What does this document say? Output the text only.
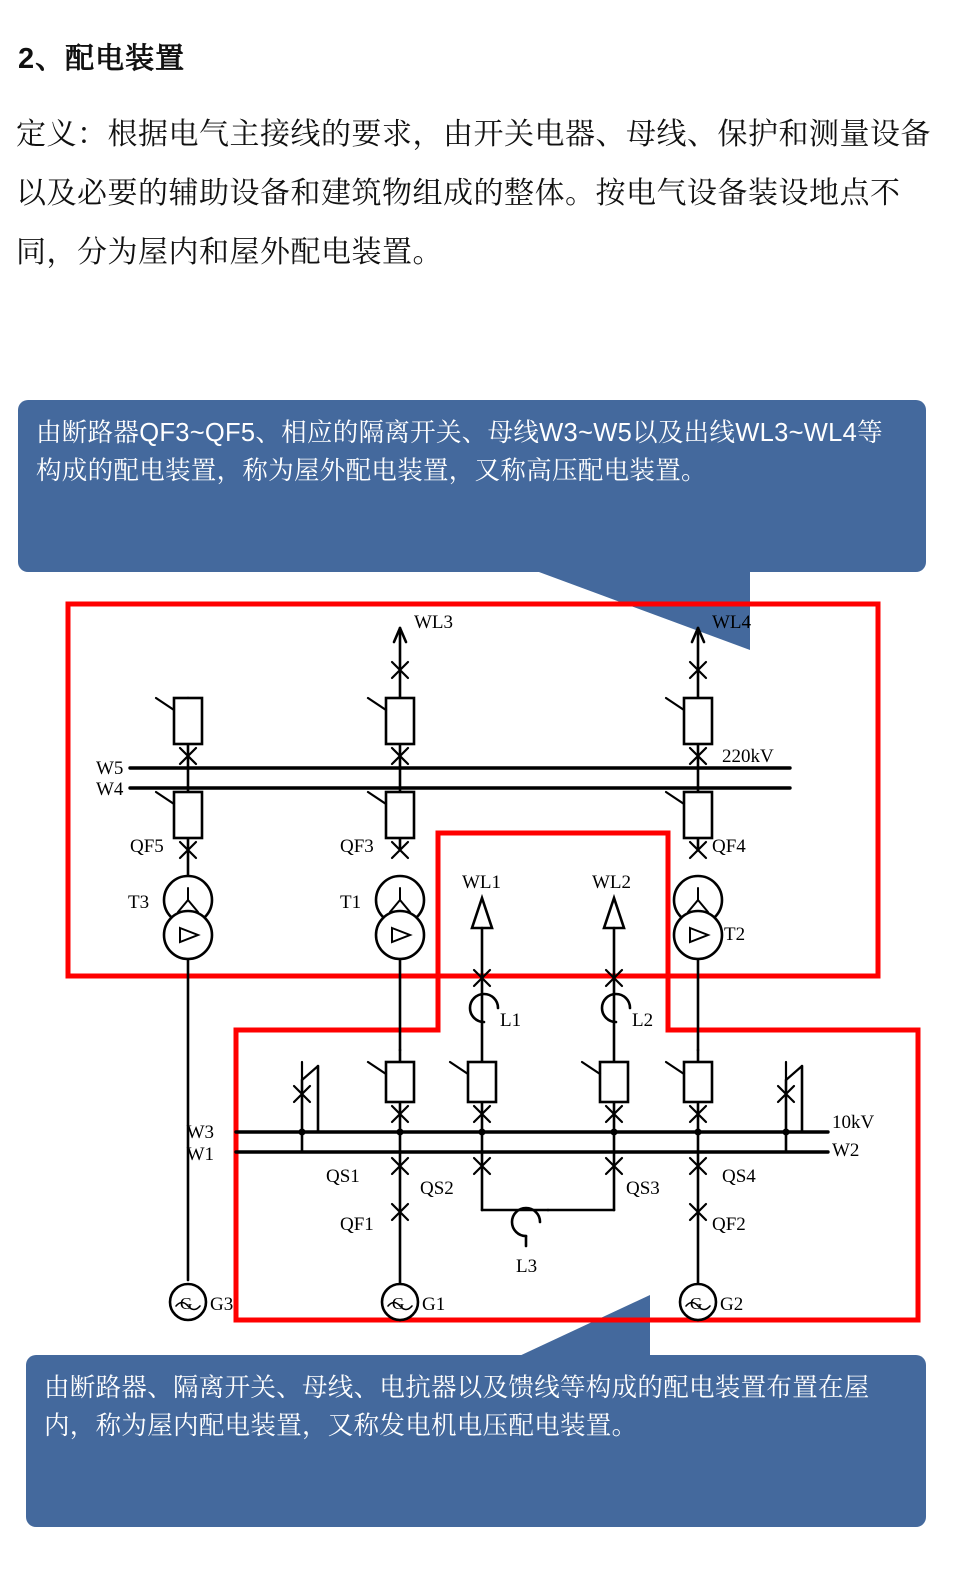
2、配电装置
定义：根据电气主接线的要求，由开关电器、母线、保护和测量设备以及必要的辅助设备和建筑物组成的整体。按电气设备装设地点不同，分为屋内和屋外配电装置。
由断路器QF3~QF5、相应的隔离开关、母线W3~W5以及出线WL3~WL4等构成的配电装置，称为屋外配电装置，又称高压配电装置。
由断路器、隔离开关、母线、电抗器以及馈线等构成的配电装置布置在屋内，称为屋内配电装置，又称发电机电压配电装置。
W5
W4
220kV
WL3
QF3
WL4
QF4
QF5
T3	T1
T2
WL1
L1
WL2
L2
W3
W1
10kV
W2
QS1
QF1
G G1
QS2
L3
QS3
QS4
QF2
G G2
G G3
